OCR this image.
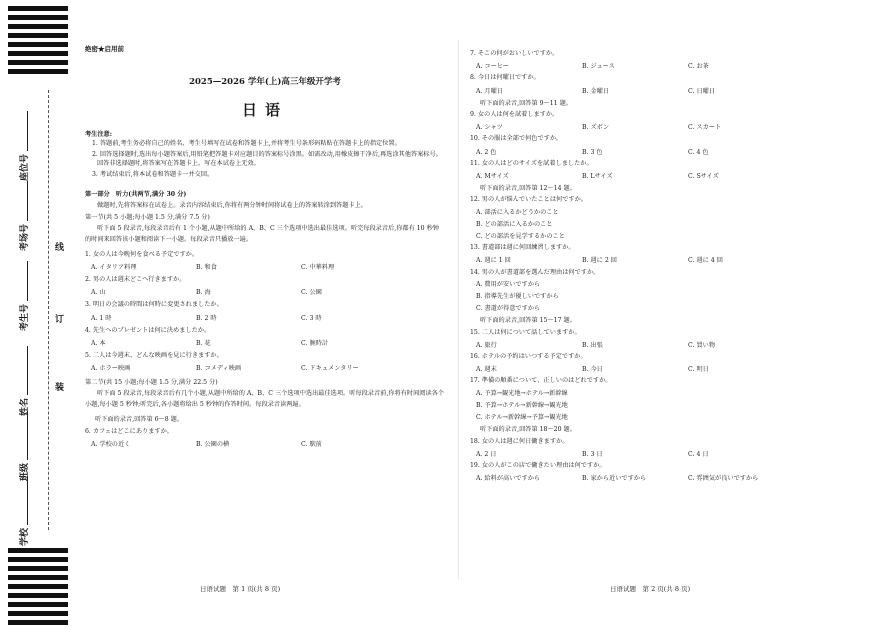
线
订
装
座位号
考场号
考生号
姓名
班级
学校
绝密★启用前
2025—2026 学年(上)高三年级开学考
日语
考生注意:
1. 答题前,考生务必将自己的姓名、考生号填写在试卷和答题卡上,并将考生号条形码粘贴在答题卡上的指定位置。
2. 回答选择题时,选出每小题答案后,用铅笔把答题卡对应题目的答案标号涂黑。如需改动,用橡皮擦干净后,再选涂其他答案标号。回答非选择题时,将答案写在答题卡上。写在本试卷上无效。
3. 考试结束后,将本试卷和答题卡一并交回。
第一部分　听力(共两节,满分 30 分)
做题时,先将答案标在试卷上。录音内容结束后,你将有两分钟时间将试卷上的答案转涂到答题卡上。
第一节(共 5 小题;每小题 1.5 分,满分 7.5 分)
听下面 5 段录音,每段录音后有 1 个小题,从题中所给的 A、B、C 三个选项中选出最佳选项。听完每段录音后,你都有 10 秒钟的时间来回答该小题和阅读下一小题。每段录音只播放一遍。
1. 女の人は今晩何を食べる予定ですか。
A. イタリア料理	B. 和食	C. 中華料理
2. 男の人は週末どこへ行きますか。
A. 山	B. 海	C. 公園
3. 明日の会議の時間は何時に変更されましたか。
A. 1 時	B. 2 時	C. 3 時
4. 先生へのプレゼントは何に決めましたか。
A. 本	B. 花	C. 腕時計
5. 二人は今週末、どんな映画を見に行きますか。
A. ホラー映画	B. コメディ映画	C. ドキュメンタリー
第二节(共 15 小题;每小题 1.5 分,满分 22.5 分)
听下面 5 段录音,每段录音后有几个小题,从题中所给的 A、B、C 三个选项中选出最佳选项。听每段录音前,你将有时间阅读各个小题,每小题 5 秒钟;听完后,各小题将给出 5 秒钟的作答时间。每段录音读两遍。
听下面的录音,回答第 6～8 题。
6. カフェはどこにありますか。
A. 学校の近く	B. 公園の横	C. 駅前
7. そこの何がおいしいですか。
A. コーヒー	B. ジュース	C. お茶
8. 今日は何曜日ですか。
A. 月曜日	B. 金曜日	C. 日曜日
听下面的录音,回答第 9～11 题。
9. 女の人は何を試着しますか。
A. シャツ	B. ズボン	C. スカート
10. その服は全部で何色ですか。
A. 2 色	B. 3 色	C. 4 色
11. 女の人はどのサイズを試着しましたか。
A. Mサイズ	B. Lサイズ	C. Sサイズ
听下面的录音,回答第 12～14 题。
12. 男の人が悩んでいたことは何ですか。
A. 部活に入るかどうかのこと
B. どの部活に入るかのこと
C. どの部活を見学するかのこと
13. 書道部は週に何回練習しますか。
A. 週に 1 回	B. 週に 2 回	C. 週に 4 回
14. 男の人が書道部を選んだ理由は何ですか。
A. 費用が安いですから
B. 指導先生が優しいですから
C. 書道が得意ですから
听下面的录音,回答第 15～17 题。
15. 二人は何について話していますか。
A. 旅行	B. 出張	C. 買い物
16. ホテルの予約はいつする予定ですか。
A. 週末	B. 今日	C. 明日
17. 準備の順番について、正しいのはどれですか。
A. 予算→観光地→ホテル→新幹線
B. 予算→ホテル→新幹線→観光地
C. ホテル→新幹線→予算→観光地
听下面的录音,回答第 18～20 题。
18. 女の人は週に何日働きますか。
A. 2 日	B. 3 日	C. 4 日
19. 女の人がこの店で働きたい理由は何ですか。
A. 給料が高いですから	B. 家から近いですから	C. 雰囲気が良いですから
日语试题　第 1 页(共 8 页)	日语试题　第 2 页(共 8 页)
